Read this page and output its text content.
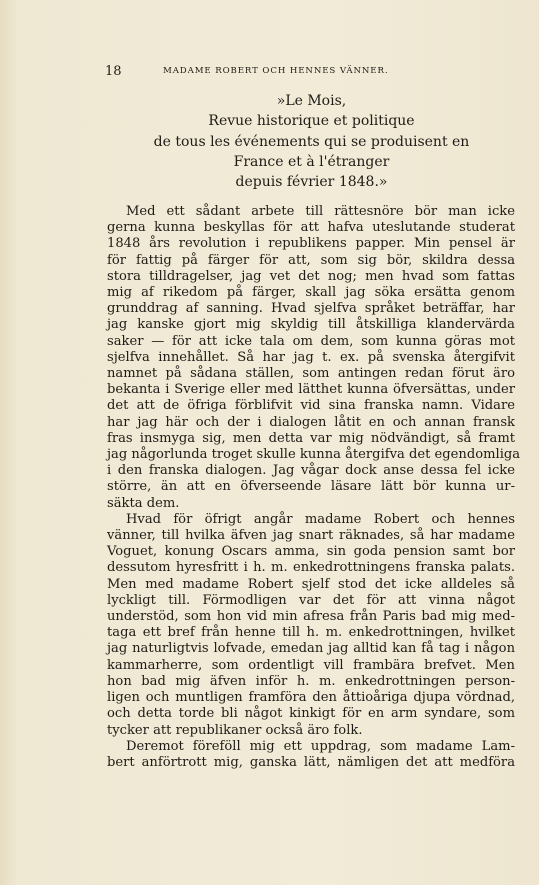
18	MADAME ROBERT OCH HENNES VÄNNER.
»Le Mois,
Revue historique et politique
de tous les événements qui se produisent en
France et à l'étranger
depuis février 1848.»
Med ett sådant arbete till rättesnöre bör man icke
gerna kunna beskyllas för att hafva uteslutande studerat
1848 års revolution i republikens papper. Min pensel är
för fattig på färger för att, som sig bör, skildra dessa
stora tilldragelser, jag vet det nog; men hvad som fattas
mig af rikedom på färger, skall jag söka ersätta genom
grunddrag af sanning. Hvad sjelfva språket beträffar, har
jag kanske gjort mig skyldig till åtskilliga klandervärda
saker — för att icke tala om dem, som kunna göras mot
sjelfva innehållet. Så har jag t. ex. på svenska återgifvit
namnet på sådana ställen, som antingen redan förut äro
bekanta i Sverige eller med lätthet kunna öfversättas, under
det att de öfriga förblifvit vid sina franska namn. Vidare
har jag här och der i dialogen låtit en och annan fransk
fras insmyga sig, men detta var mig nödvändigt, så framt
jag någorlunda troget skulle kunna återgifva det egendomliga
i den franska dialogen. Jag vågar dock anse dessa fel icke
större, än att en öfverseende läsare lätt bör kunna ur-
säkta dem.
Hvad för öfrigt angår madame Robert och hennes
vänner, till hvilka äfven jag snart räknades, så har madame
Voguet, konung Oscars amma, sin goda pension samt bor
dessutom hyresfritt i h. m. enkedrottningens franska palats.
Men med madame Robert sjelf stod det icke alldeles så
lyckligt till. Förmodligen var det för att vinna något
understöd, som hon vid min afresa från Paris bad mig med-
taga ett bref från henne till h. m. enkedrottningen, hvilket
jag naturligtvis lofvade, emedan jag alltid kan få tag i någon
kammarherre, som ordentligt vill frambära brefvet. Men
hon bad mig äfven inför h. m. enkedrottningen person-
ligen och muntligen framföra den åttioåriga djupa vördnad,
och detta torde bli något kinkigt för en arm syndare, som
tycker att republikaner också äro folk.
Deremot föreföll mig ett uppdrag, som madame Lam-
bert anförtrott mig, ganska lätt, nämligen det att medföra
